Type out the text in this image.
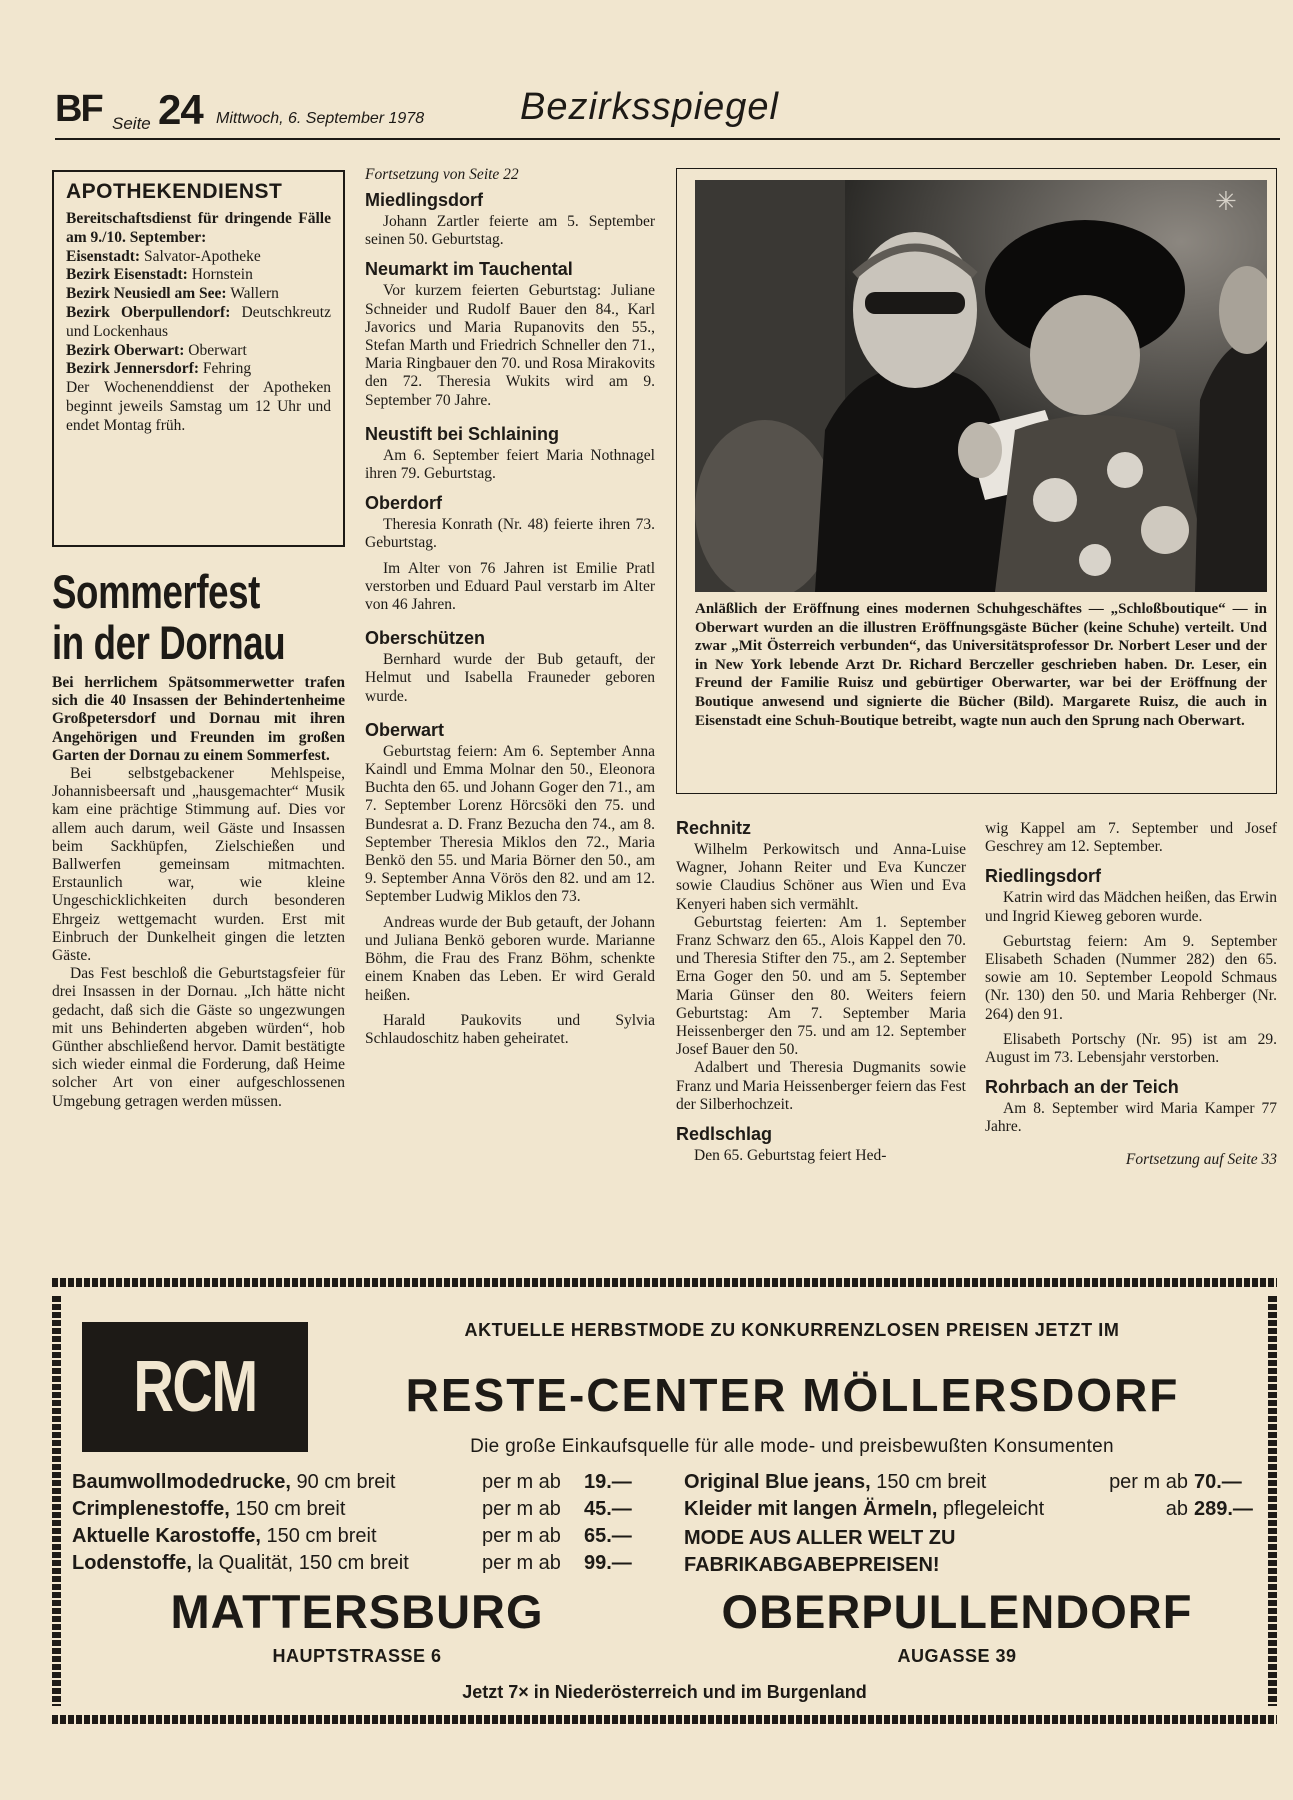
BF Seite 24 Mittwoch, 6. September 1978	Bezirksspiegel
APOTHEKENDIENST

Bereitschaftsdienst für dringende Fälle am 9./10. September:

Eisenstadt: Salvator-Apotheke

Bezirk Eisenstadt: Hornstein

Bezirk Neusiedl am See: Wallern

Bezirk Oberpullendorf: Deutschkreutz und Lockenhaus

Bezirk Oberwart: Oberwart

Bezirk Jennersdorf: Fehring

Der Wochenenddienst der Apotheken beginnt jeweils Samstag um 12 Uhr und endet Montag früh.

Sommerfest
in der Dornau

Bei herrlichem Spätsommerwetter trafen sich die 40 Insassen der Behindertenheime Großpetersdorf und Dornau mit ihren Angehörigen und Freunden im großen Garten der Dornau zu einem Sommerfest.

Bei selbstgebackener Mehlspeise, Johannisbeersaft und „hausgemachter“ Musik kam eine prächtige Stimmung auf. Dies vor allem auch darum, weil Gäste und Insassen beim Sackhüpfen, Zielschießen und Ballwerfen gemeinsam mitmachten. Erstaunlich war, wie kleine Ungeschicklichkeiten durch besonderen Ehrgeiz wettgemacht wurden. Erst mit Einbruch der Dunkelheit gingen die letzten Gäste.

Das Fest beschloß die Geburtstagsfeier für drei Insassen in der Dornau. „Ich hätte nicht gedacht, daß sich die Gäste so ungezwungen mit uns Behinderten abgeben würden“, hob Günther abschließend hervor. Damit bestätigte sich wieder einmal die Forderung, daß Heime solcher Art von einer aufgeschlossenen Umgebung getragen werden müssen.

Fortsetzung von Seite 22
Miedlingsdorf

Johann Zartler feierte am 5. September seinen 50. Geburtstag.

Neumarkt im Tauchental

Vor kurzem feierten Geburtstag: Juliane Schneider und Rudolf Bauer den 84., Karl Javorics und Maria Rupanovits den 55., Stefan Marth und Friedrich Schneller den 71., Maria Ringbauer den 70. und Rosa Mirakovits den 72. Theresia Wukits wird am 9. September 70 Jahre.

Neustift bei Schlaining

Am 6. September feiert Maria Nothnagel ihren 79. Geburtstag.

Oberdorf

Theresia Konrath (Nr. 48) feierte ihren 73. Geburtstag.

Im Alter von 76 Jahren ist Emilie Pratl verstorben und Eduard Paul verstarb im Alter von 46 Jahren.

Oberschützen

Bernhard wurde der Bub getauft, der Helmut und Isabella Frauneder geboren wurde.

Oberwart

Geburtstag feiern: Am 6. September Anna Kaindl und Emma Molnar den 50., Eleonora Buchta den 65. und Johann Goger den 71., am 7. September Lorenz Hörcsöki den 75. und Bundesrat a. D. Franz Bezucha den 74., am 8. September Theresia Miklos den 72., Maria Benkö den 55. und Maria Börner den 50., am 9. September Anna Vörös den 82. und am 12. September Ludwig Miklos den 73.

Andreas wurde der Bub getauft, der Johann und Juliana Benkö geboren wurde. Marianne Böhm, die Frau des Franz Böhm, schenkte einem Knaben das Leben. Er wird Gerald heißen.

Harald Paukovits und Sylvia Schlaudoschitz haben geheiratet.

✳

Anläßlich der Eröffnung eines modernen Schuhgeschäftes — „Schloßboutique“ — in Oberwart wurden an die illustren Eröffnungsgäste Bücher (keine Schuhe) verteilt. Und zwar „Mit Österreich verbunden“, das Universitätsprofessor Dr. Norbert Leser und der in New York lebende Arzt Dr. Richard Berczeller geschrieben haben. Dr. Leser, ein Freund der Familie Ruisz und gebürtiger Oberwarter, war bei der Eröffnung der Boutique anwesend und signierte die Bücher (Bild). Margarete Ruisz, die auch in Eisenstadt eine Schuh-Boutique betreibt, wagte nun auch den Sprung nach Oberwart.

Rechnitz

Wilhelm Perkowitsch und Anna-Luise Wagner, Johann Reiter und Eva Kunczer sowie Claudius Schöner aus Wien und Eva Kenyeri haben sich vermählt.

Geburtstag feierten: Am 1. September Franz Schwarz den 65., Alois Kappel den 70. und Theresia Stifter den 75., am 2. September Erna Goger den 50. und am 5. September Maria Günser den 80. Weiters feiern Geburtstag: Am 7. September Maria Heissenberger den 75. und am 12. September Josef Bauer den 50.

Adalbert und Theresia Dugmanits sowie Franz und Maria Heissenberger feiern das Fest der Silberhochzeit.

Redlschlag

Den 65. Geburtstag feiert Hed-

wig Kappel am 7. September und Josef Geschrey am 12. September.

Riedlingsdorf

Katrin wird das Mädchen heißen, das Erwin und Ingrid Kieweg geboren wurde.

Geburtstag feiern: Am 9. September Elisabeth Schaden (Nummer 282) den 65. sowie am 10. September Leopold Schmaus (Nr. 130) den 50. und Maria Rehberger (Nr. 264) den 91.

Elisabeth Portschy (Nr. 95) ist am 29. August im 73. Lebensjahr verstorben.

Rohrbach an der Teich

Am 8. September wird Maria Kamper 77 Jahre.

Fortsetzung auf Seite 33
RCM
AKTUELLE HERBSTMODE ZU KONKURRENZLOSEN PREISEN JETZT IM
RESTE-CENTER MÖLLERSDORF
Die große Einkaufsquelle für alle mode- und preisbewußten Konsumenten
Baumwollmodedrucke, 90 cm breit	per m ab	19.—
Crimplenestoffe, 150 cm breit	per m ab	45.—
Aktuelle Karostoffe, 150 cm breit	per m ab	65.—
Lodenstoffe, la Qualität, 150 cm breit	per m ab	99.—
Original Blue jeans, 150 cm breit	per m ab 70.—
Kleider mit langen Ärmeln, pflegeleicht	ab 289.—
MODE AUS ALLER WELT ZU
FABRIKABGABEPREISEN!
MATTERSBURG
HAUPTSTRASSE 6
OBERPULLENDORF
AUGASSE 39
Jetzt 7× in Niederösterreich und im Burgenland
